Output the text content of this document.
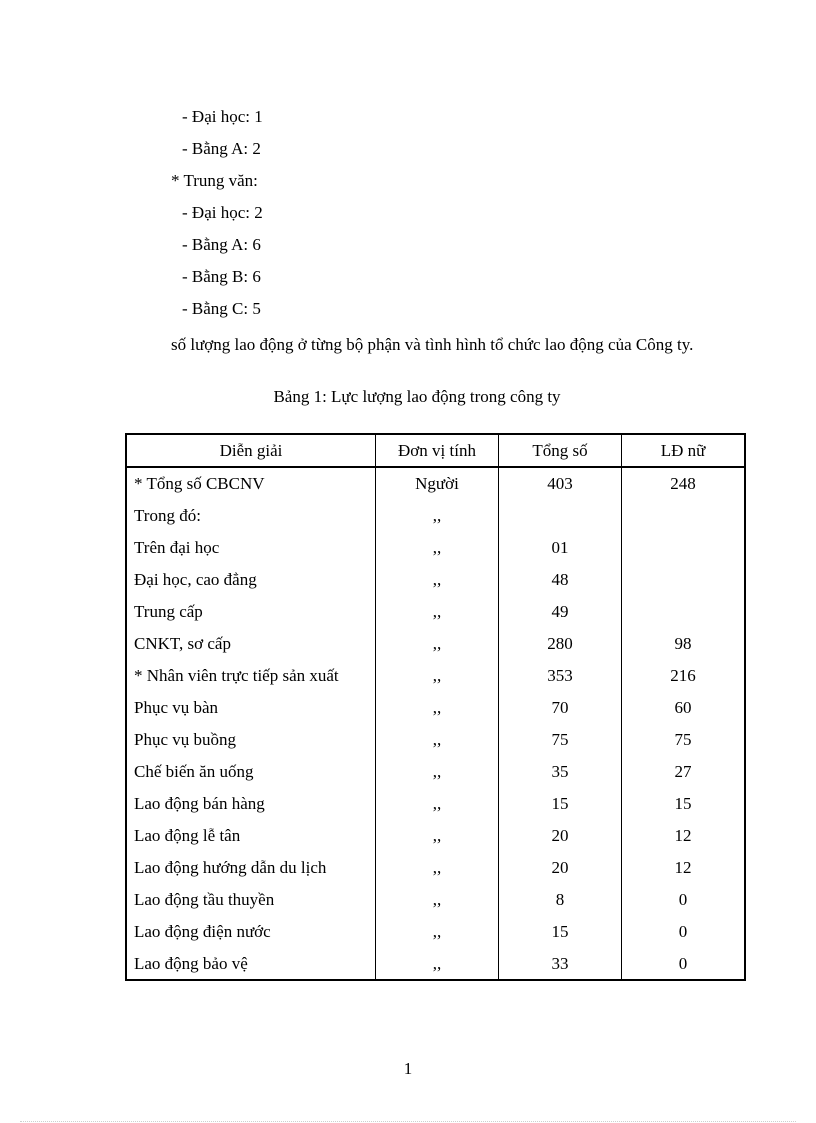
- Đại học: 1
- Bằng A: 2
* Trung văn:
- Đại học: 2
- Bằng A: 6
- Bằng B: 6
- Bằng C: 5
số lượng lao động ở từng bộ phận và tình hình tổ chức lao động của Công ty.
Bảng 1: Lực lượng lao động trong công ty
Diễn giải	Đơn vị tính	Tổng số	LĐ nữ
* Tổng số CBCNV	Người	403	248
Trong đó:	,,		
Trên đại học	,,	01	
Đại học, cao đẳng	,,	48	
Trung cấp	,,	49	
CNKT, sơ cấp	,,	280	98
* Nhân viên trực tiếp sản xuất	,,	353	216
Phục vụ bàn	,,	70	60
Phục vụ buồng	,,	75	75
Chế biến ăn uống	,,	35	27
Lao động bán hàng	,,	15	15
Lao động lễ tân	,,	20	12
Lao động hướng dẫn du lịch	,,	20	12
Lao động tầu thuyền	,,	8	0
Lao động điện nước	,,	15	0
Lao động bảo vệ	,,	33	0
1
